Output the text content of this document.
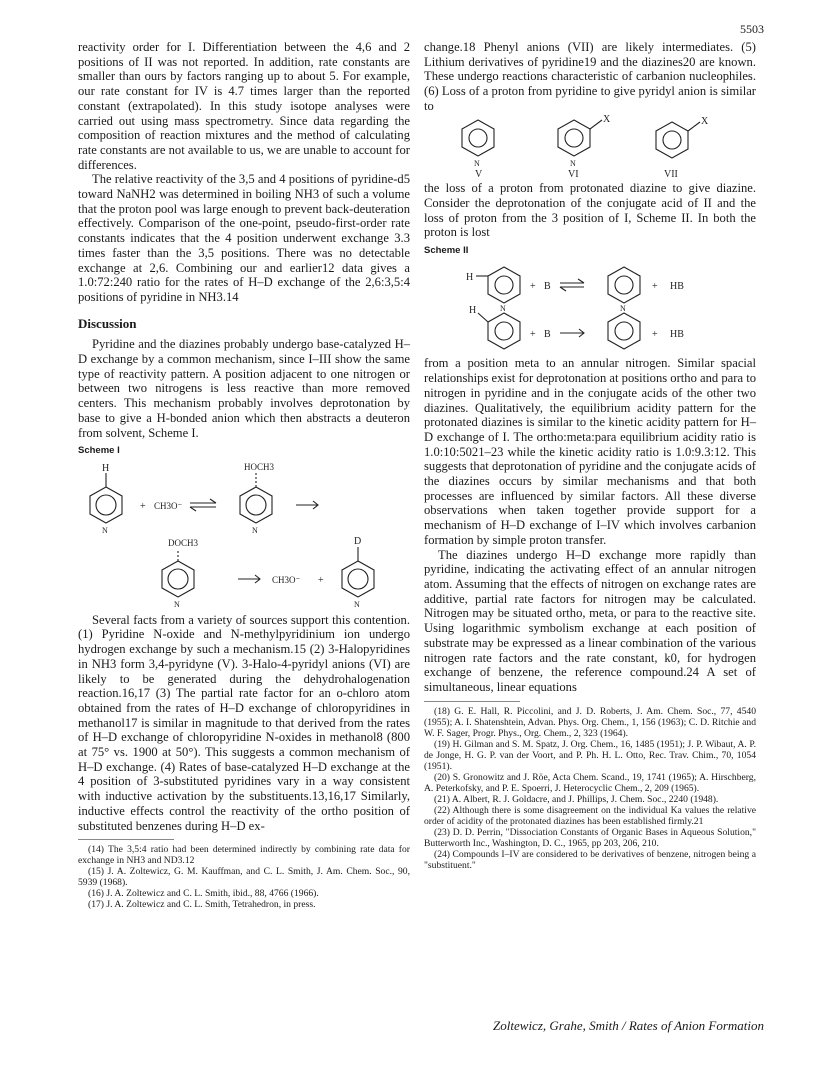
5503

reactivity order for I. Differentiation between the 4,6 and 2 positions of II was not reported. In addition, rate constants are smaller than ours by factors ranging up to about 5. For example, our rate constant for IV is 4.7 times larger than the reported constant (extrapolated). In this study isotope analyses were carried out using mass spectrometry. Since data regarding the composition of reaction mixtures and the method of calculating rate constants are not available to us, we are unable to account for differences.

The relative reactivity of the 3,5 and 4 positions of pyridine-d5 toward NaNH2 was determined in boiling NH3 of such a volume that the proton pool was large enough to prevent back-deuteration effectively. Comparison of the one-point, pseudo-first-order rate constants indicates that the 4 position underwent exchange 3.3 times faster than the 3,5 positions. There was no detectable exchange at 2,6. Combining our and earlier12 data gives a 1.0:72:240 ratio for the rates of H–D exchange of the 2,6:3,5:4 positions of pyridine in NH3.14

Discussion

Pyridine and the diazines probably undergo base-catalyzed H–D exchange by a common mechanism, since I–III show the same type of reactivity pattern. A position adjacent to one nitrogen or between two nitrogens is less reactive than more removed centers. This mechanism probably involves deprotonation by base to give a H-bonded anion which then abstracts a deuteron from solvent, Scheme I.

Scheme I
H
N
+ CH3O⁻
HOCH3
N
DOCH3
N
CH3O⁻ +
D
N

Several facts from a variety of sources support this contention. (1) Pyridine N-oxide and N-methylpyridinium ion undergo hydrogen exchange by such a mechanism.15 (2) 3-Halopyridines in NH3 form 3,4-pyridyne (V). 3-Halo-4-pyridyl anions (VI) are likely to be generated during the dehydrohalogenation reaction.16,17 (3) The partial rate factor for an o-chloro atom obtained from the rates of H–D exchange of chloropyridines in methanol17 is similar in magnitude to that derived from the rates of H–D exchange of chloropyridine N-oxides in methanol8 (800 at 75° vs. 1900 at 50°). This suggests a common mechanism of H–D exchange. (4) Rates of base-catalyzed H–D exchange at the 4 position of 3-substituted pyridines vary in a way consistent with inductive activation by the substituents.13,16,17 Similarly, inductive effects control the reactivity of the ortho position of substituted benzenes during H–D ex-

(14) The 3,5:4 ratio had been determined indirectly by combining rate data for exchange in NH3 and ND3.12
(15) J. A. Zoltewicz, G. M. Kauffman, and C. L. Smith, J. Am. Chem. Soc., 90, 5939 (1968).
(16) J. A. Zoltewicz and C. L. Smith, ibid., 88, 4766 (1966).
(17) J. A. Zoltewicz and C. L. Smith, Tetrahedron, in press.

change.18 Phenyl anions (VII) are likely intermediates. (5) Lithium derivatives of pyridine19 and the diazines20 are known. These undergo reactions characteristic of carbanion nucleophiles. (6) Loss of a proton from pyridine to give pyridyl anion is similar to

N	N
X	X
V	VI	VII

the loss of a proton from protonated diazine to give diazine. Consider the deprotonation of the conjugate acid of II and the loss of proton from the 3 position of I, Scheme II. In both the proton is lost

Scheme II
H
N
+ B
N
+ HB
H
+ B	+ HB

from a position meta to an annular nitrogen. Similar spacial relationships exist for deprotonation at positions ortho and para to nitrogen in pyridine and in the conjugate acids of the other two diazines. Qualitatively, the equilibrium acidity pattern for the protonated diazines is similar to the kinetic acidity pattern for H–D exchange of I. The ortho:meta:para equilibrium acidity ratio is 1.0:10:5021–23 while the kinetic acidity ratio is 1.0:9.3:12. This suggests that deprotonation of pyridine and the conjugate acids of the diazines occurs by similar mechanisms and that both processes are influenced by similar factors. All these diverse observations when taken together provide support for a mechanism of H–D exchange of I–IV which involves carbanion formation by simple proton transfer.

The diazines undergo H–D exchange more rapidly than pyridine, indicating the activating effect of an annular nitrogen atom. Assuming that the effects of nitrogen on exchange rates are additive, partial rate factors for nitrogen may be calculated. Nitrogen may be situated ortho, meta, or para to the reactive site. Using logarithmic symbolism exchange at each position of substrate may be expressed as a linear combination of the various nitrogen rate factors and the rate constant, k0, for hydrogen exchange of benzene, the reference compound.24 A set of simultaneous, linear equations

(18) G. E. Hall, R. Piccolini, and J. D. Roberts, J. Am. Chem. Soc., 77, 4540 (1955); A. I. Shatenshtein, Advan. Phys. Org. Chem., 1, 156 (1963); C. D. Ritchie and W. F. Sager, Progr. Phys., Org. Chem., 2, 323 (1964).
(19) H. Gilman and S. M. Spatz, J. Org. Chem., 16, 1485 (1951); J. P. Wibaut, A. P. de Jonge, H. G. P. van der Voort, and P. Ph. H. L. Otto, Rec. Trav. Chim., 70, 1054 (1951).
(20) S. Gronowitz and J. Röe, Acta Chem. Scand., 19, 1741 (1965); A. Hirschberg, A. Peterkofsky, and P. E. Spoerri, J. Heterocyclic Chem., 2, 209 (1965).
(21) A. Albert, R. J. Goldacre, and J. Phillips, J. Chem. Soc., 2240 (1948).
(22) Although there is some disagreement on the individual Ka values the relative order of acidity of the protonated diazines has been established firmly.21
(23) D. D. Perrin, "Dissociation Constants of Organic Bases in Aqueous Solution," Butterworth Inc., Washington, D. C., 1965, pp 203, 206, 210.
(24) Compounds I–IV are considered to be derivatives of benzene, nitrogen being a "substituent."
Zoltewicz, Grahe, Smith / Rates of Anion Formation
